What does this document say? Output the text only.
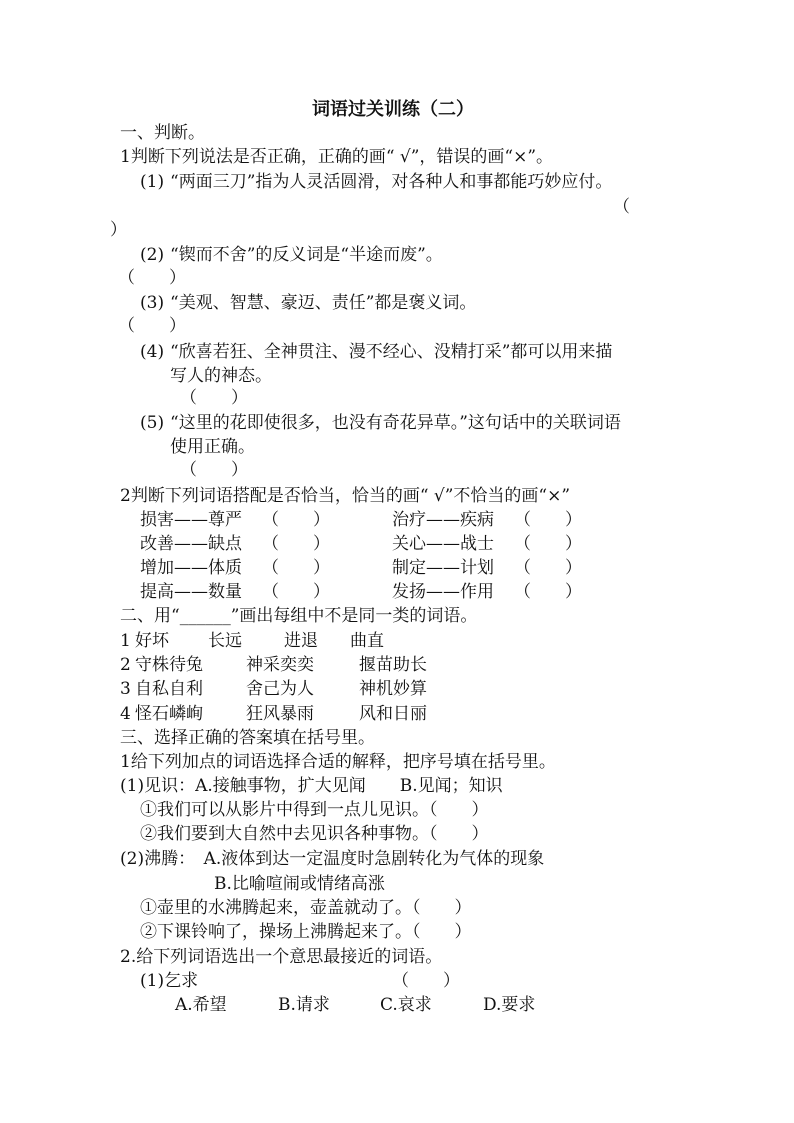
词语过关训练（二）
一、判断。
1判断下列说法是否正确，正确的画“ √”，错误的画“×”。
(1) “两面三刀”指为人灵活圆滑，对各种人和事都能巧妙应付。
（
）
(2) “锲而不舍”的反义词是“半途而废”。
（　　）
(3) “美观、智慧、豪迈、责任”都是褒义词。
（　　）
(4) “欣喜若狂、全神贯注、漫不经心、没精打采”都可以用来描
写人的神态。
（　　）
(5) “这里的花即使很多，也没有奇花异草。”这句话中的关联词语
使用正确。
（　　）
2判断下列词语搭配是否恰当，恰当的画“ √”不恰当的画“×”
损害——尊严 （　　）	治疗——疾病 （　　）
改善——缺点 （　　）	关心——战士 （　　）
增加——体质 （　　）	制定——计划 （　　）
提高——数量 （　　）	发扬——作用 （　　）
二、用“______”画出每组中不是同一类的词语。
1 好坏 长远 进退 曲直
2 守株待兔	神采奕奕	揠苗助长
3 自私自利	舍己为人	神机妙算
4 怪石嶙峋	狂风暴雨	风和日丽
三、选择正确的答案填在括号里。
1给下列加点的词语选择合适的解释，把序号填在括号里。
(1)见识：A.接触事物，扩大见闻　　B.见闻；知识
①我们可以从影片中得到一点儿见识。（　　）
②我们要到大自然中去见识各种事物。（　　）
(2)沸腾：　A.液体到达一定温度时急剧转化为气体的现象
B.比喻喧闹或情绪高涨
①壶里的水沸腾起来，壶盖就动了。（　　）
②下课铃响了，操场上沸腾起来了。（　　）
2.给下列词语选出一个意思最接近的词语。
(1)乞求	（　　）
A.希望	B.请求	C.哀求	D.要求
